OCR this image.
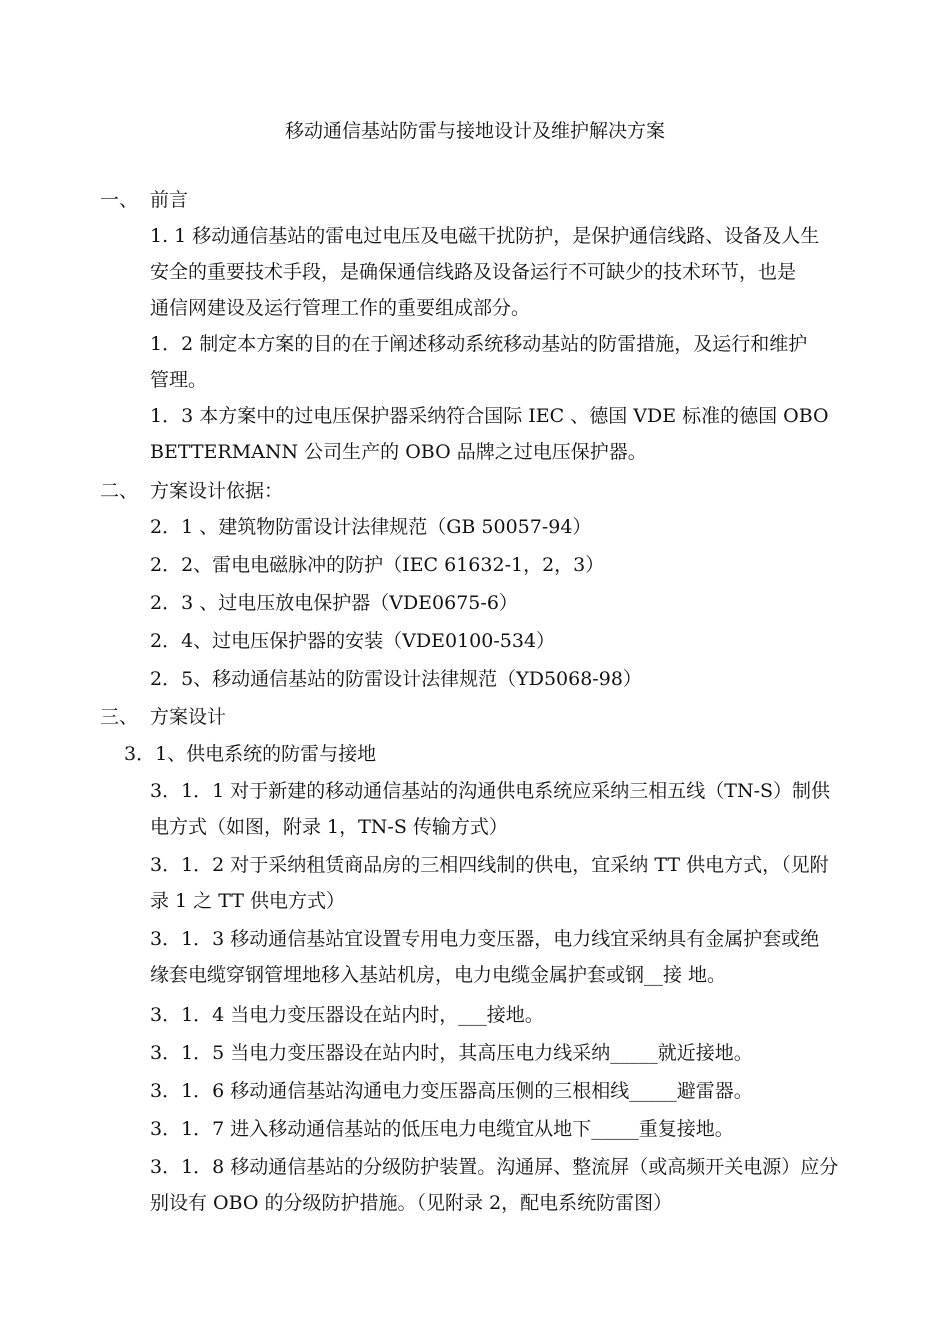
移动通信基站防雷与接地设计及维护解决方案
一、 前言
1. 1 移动通信基站的雷电过电压及电磁干扰防护，是保护通信线路、设备及人生
安全的重要技术手段，是确保通信线路及设备运行不可缺少的技术环节，也是
通信网建设及运行管理工作的重要组成部分。
1．2 制定本方案的目的在于阐述移动系统移动基站的防雷措施，及运行和维护
管理。
1．3 本方案中的过电压保护器采纳符合国际 IEC 、德国 VDE 标准的德国 OBO
BETTERMANN 公司生产的 OBO 品牌之过电压保护器。
二、 方案设计依据：
2．1 、建筑物防雷设计法律规范（GB 50057-94）
2．2、雷电电磁脉冲的防护（IEC 61632-1，2，3）
2．3 、过电压放电保护器（VDE0675-6）
2．4、过电压保护器的安装（VDE0100-534）
2．5、移动通信基站的防雷设计法律规范（YD5068-98）
三、 方案设计
3．1、供电系统的防雷与接地
3．1．1 对于新建的移动通信基站的沟通供电系统应采纳三相五线（TN-S）制供
电方式（如图，附录 1，TN-S 传输方式）
3．1．2 对于采纳租赁商品房的三相四线制的供电，宜采纳 TT 供电方式，（见附
录 1 之 TT 供电方式）
3．1．3 移动通信基站宜设置专用电力变压器，电力线宜采纳具有金属护套或绝
缘套电缆穿钢管埋地移入基站机房，电力电缆金属护套或钢__接 地。
3．1．4 当电力变压器设在站内时，___接地。
3．1．5 当电力变压器设在站内时，其高压电力线采纳_____就近接地。
3．1．6 移动通信基站沟通电力变压器高压侧的三根相线_____避雷器。
3．1．7 进入移动通信基站的低压电力电缆宜从地下_____重复接地。
3．1．8 移动通信基站的分级防护装置。沟通屏、整流屏（或高频开关电源）应分
别设有 OBO 的分级防护措施。（见附录 2，配电系统防雷图）
